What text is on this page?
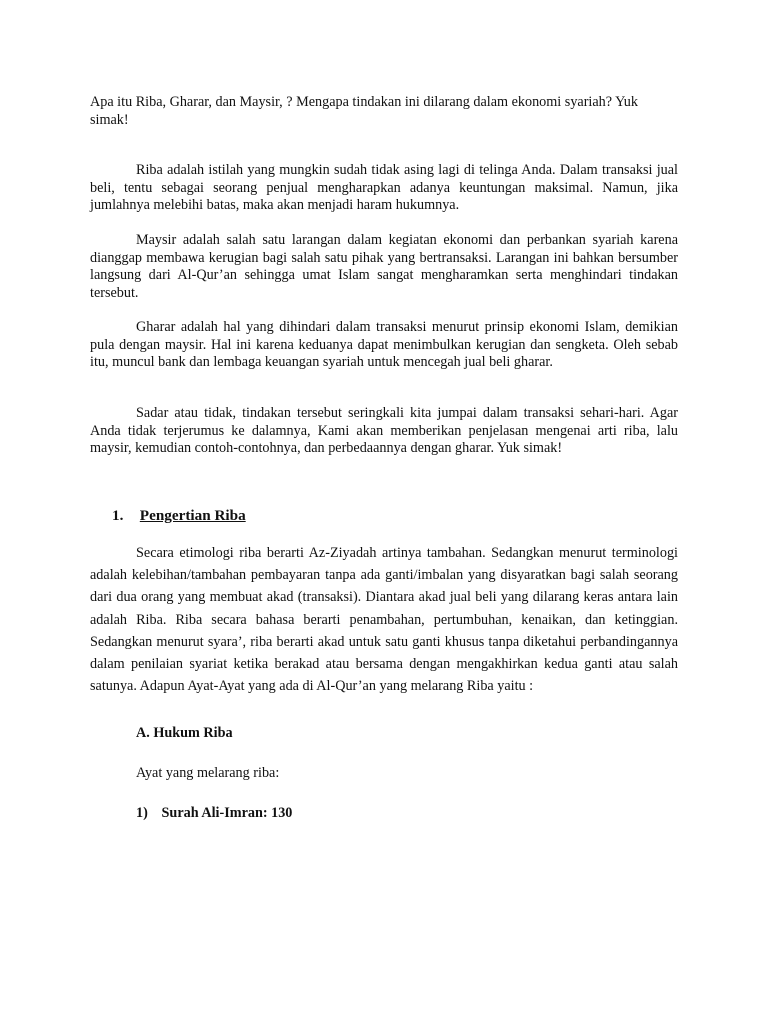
Apa itu Riba, Gharar, dan Maysir, ? Mengapa tindakan ini dilarang dalam ekonomi syariah? Yuk simak!

Riba adalah istilah yang mungkin sudah tidak asing lagi di telinga Anda. Dalam transaksi jual beli, tentu sebagai seorang penjual mengharapkan adanya keuntungan maksimal. Namun, jika jumlahnya melebihi batas, maka akan menjadi haram hukumnya.

Maysir adalah salah satu larangan dalam kegiatan ekonomi dan perbankan syariah karena dianggap membawa kerugian bagi salah satu pihak yang bertransaksi. Larangan ini bahkan bersumber langsung dari Al-Qur’an sehingga umat Islam sangat mengharamkan serta menghindari tindakan tersebut.

Gharar adalah hal yang dihindari dalam transaksi menurut prinsip ekonomi Islam, demikian pula dengan maysir. Hal ini karena keduanya dapat menimbulkan kerugian dan sengketa. Oleh sebab itu, muncul bank dan lembaga keuangan syariah untuk mencegah jual beli gharar.

Sadar atau tidak, tindakan tersebut seringkali kita jumpai dalam transaksi sehari-hari. Agar Anda tidak terjerumus ke dalamnya, Kami akan memberikan penjelasan mengenai arti riba, lalu maysir, kemudian contoh-contohnya, dan perbedaannya dengan gharar. Yuk simak!

1. Pengertian Riba

Secara etimologi riba berarti Az-Ziyadah artinya tambahan. Sedangkan menurut terminologi adalah kelebihan/tambahan pembayaran tanpa ada ganti/imbalan yang disyaratkan bagi salah seorang dari dua orang yang membuat akad (transaksi). Diantara akad jual beli yang dilarang keras antara lain adalah Riba. Riba secara bahasa berarti penambahan, pertumbuhan, kenaikan, dan ketinggian. Sedangkan menurut syara’, riba berarti akad untuk satu ganti khusus tanpa diketahui perbandingannya dalam penilaian syariat ketika berakad atau bersama dengan mengakhirkan kedua ganti atau salah satunya. Adapun Ayat-Ayat yang ada di Al-Qur’an yang melarang Riba yaitu :

A. Hukum Riba

Ayat yang melarang riba:

1) Surah Ali-Imran: 130
